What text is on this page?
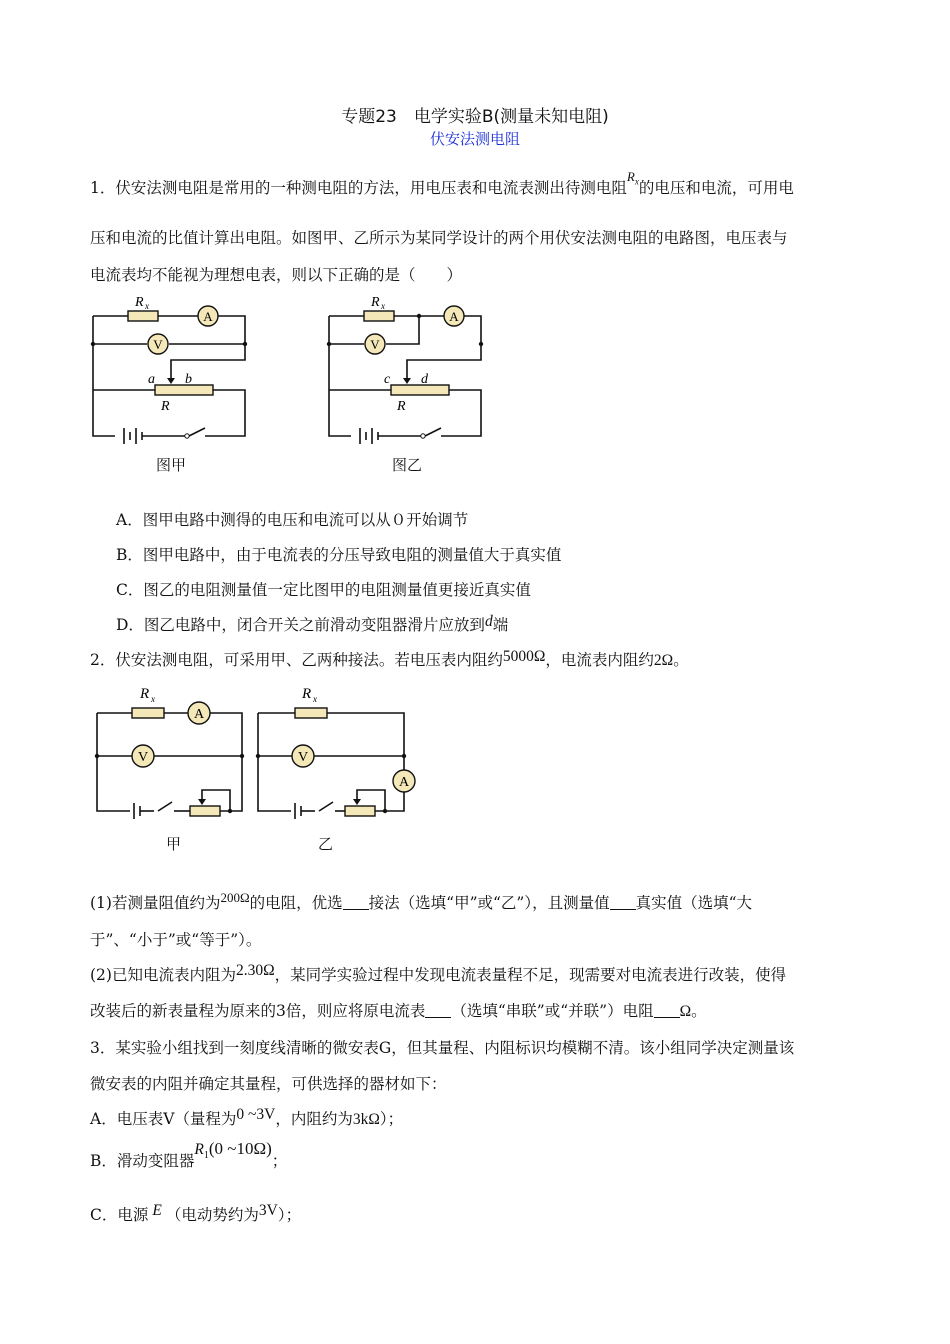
专题23　电学实验B(测量未知电阻)
伏安法测电阻
1．伏安法测电阻是常用的一种测电阻的方法，用电压表和电流表测出待测电阻$^{R_x}$的电压和电流，可用电
压和电流的比值计算出电阻。如图甲、乙所示为某同学设计的两个用伏安法测电阻的电路图，电压表与
电流表均不能视为理想电表，则以下正确的是（　　）
A
V
R x
a b
R
A
V
R x
c d
R
图甲	图乙
A．图甲电路中测得的电压和电流可以从０开始调节
B．图甲电路中，由于电流表的分压导致电阻的测量值大于真实值
C．图乙的电阻测量值一定比图甲的电阻测量值更接近真实值
D．图乙电路中，闭合开关之前滑动变阻器滑片应放到d端
2．伏安法测电阻，可采用甲、乙两种接法。若电压表内阻约5000Ω，电流表内阻约2Ω。
A
V
R x
V
A
R x
甲	乙
(1)若测量阻值约为$^{200\Omega}$的电阻，优选 接法（选填“甲”或“乙”），且测量值 真实值（选填“大
于”、“小于”或“等于”）。
(2)已知电流表内阻为2.30Ω，某同学实验过程中发现电流表量程不足，现需要对电流表进行改装，使得
改装后的新表量程为原来的3倍，则应将原电流表 （选填“串联”或“并联”）电阻 Ω。
3．某实验小组找到一刻度线清晰的微安表G，但其量程、内阻标识均模糊不清。该小组同学决定测量该
微安表的内阻并确定其量程，可供选择的器材如下：
A．电压表V（量程为0 ~3V，内阻约为3kΩ）；
B．滑动变阻器$R_1(0$ ~10Ω)；
C．电源 E （电动势约为3V）；
